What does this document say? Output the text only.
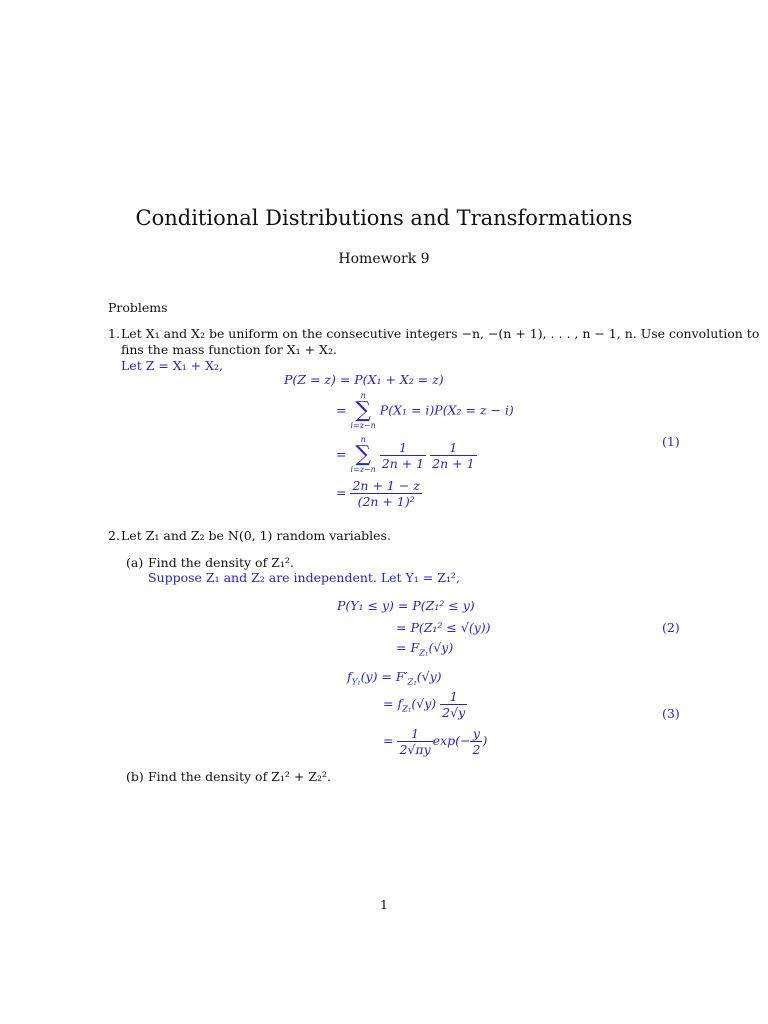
Conditional Distributions and Transformations
Homework 9
Problems
1. Let X₁ and X₂ be uniform on the consecutive integers −n, −(n + 1), . . . , n − 1, n. Use convolution to
fins the mass function for X₁ + X₂.
Let Z = X₁ + X₂,
P(Z = z) = P(X₁ + X₂ = z)
=
n
∑
i=z−n
P(X₁ = i)P(X₂ = z − i)
=
n
∑
i=z−n
$\frac{1}{2n + 1}$
$\frac{1}{2n + 1}$	(1)
= $\frac{2n + 1 - z}{\text{(2n + 1)²}}$
2. Let Z₁ and Z₂ be N(0, 1) random variables.
(a) Find the density of Z₁².
Suppose Z₁ and Z₂ are independent. Let Y₁ = Z₁²,
P(Y₁ ≤ y) = P(Z₁² ≤ y)
= P(Z₁² ≤ √(y))
= $F_{Z_1}(√y)$
(2)
$f_{Y_1}(y) = F'_{Z_1}(√y)$
= $f_{Z_1}(√y) \frac{1}{2√y}$
= $\frac{1}{2√\pi y} \exp(- \frac{y}{2}$ )
(3)
(b) Find the density of Z₁² + Z₂².
1
